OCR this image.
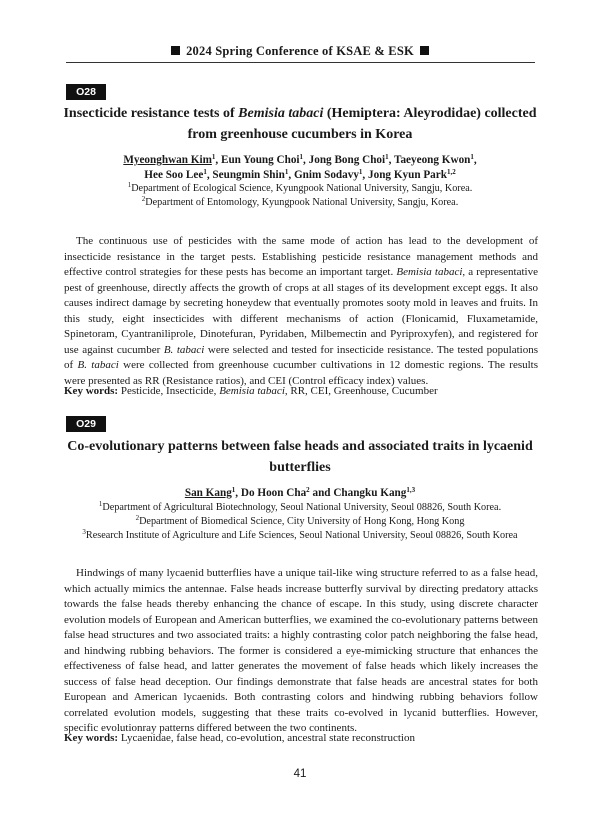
2024 Spring Conference of KSAE & ESK
O28
Insecticide resistance tests of Bemisia tabaci (Hemiptera: Aleyrodidae) collected from greenhouse cucumbers in Korea
Myeonghwan Kim$^1$, Eun Young Choi$^1$, Jong Bong Choi$^1$, Taeyeong Kwon$^1$,
Hee Soo Lee$^1$, Seungmin Shin$^1$, Gnim Sodavy$^1$, Jong Kyun Park$^{1,2}$
$^1$Department of Ecological Science, Kyungpook National University, Sangju, Korea.
$^2$Department of Entomology, Kyungpook National University, Sangju, Korea.

The continuous use of pesticides with the same mode of action has lead to the development of insecticide resistance in the target pests. Establishing pesticide resistance management methods and effective control strategies for these pests has become an important target. Bemisia tabaci, a representative pest of greenhouse, directly affects the growth of crops at all stages of its development except eggs. It also causes indirect damage by secreting honeydew that eventually promotes sooty mold in leaves and fruits. In this study, eight insecticides with different mechanisms of action (Flonicamid, Fluxametamide, Spinetoram, Cyantraniliprole, Dinotefuran, Pyridaben, Milbemectin and Pyriproxyfen), and registered for use against cucumber B. tabaci were selected and tested for insecticide resistance. The tested populations of B. tabaci were collected from greenhouse cucumber cultivations in 12 domestic regions. The results were presented as RR (Resistance ratios), and CEI (Control efficacy index) values.

Key words: Pesticide, Insecticide, Bemisia tabaci, RR, CEI, Greenhouse, Cucumber
O29
Co-evolutionary patterns between false heads and associated traits in lycaenid butterflies
San Kang$^1$, Do Hoon Cha$^2$ and Changku Kang$^{1,3}$
$^1$Department of Agricultural Biotechnology, Seoul National University, Seoul 08826, South Korea.
$^2$Department of Biomedical Science, City University of Hong Kong, Hong Kong
$^3$Research Institute of Agriculture and Life Sciences, Seoul National University, Seoul 08826, South Korea

Hindwings of many lycaenid butterflies have a unique tail-like wing structure referred to as a false head, which actually mimics the antennae. False heads increase butterfly survival by directing predatory attacks towards the false heads thereby enhancing the chance of escape. In this study, using discrete character evolution models of European and American butterflies, we examined the co-evolutionary patterns between false head structures and two associated traits: a highly contrasting color patch neighboring the false head, and hindwing rubbing behaviors. The former is considered a eye-mimicking structure that enhances the effectiveness of false head, and latter generates the movement of false heads which likely increases the success of false head deception. Our findings demonstrate that false heads are ancestral states for both European and American lycaenids. Both contrasting colors and hindwing rubbing behaviors follow correlated evolution models, suggesting that these traits co-evolved in lycanid butterflies. However, specific evolutionray patterns differed between the two continents.

Key words: Lycaenidae, false head, co-evolution, ancestral state reconstruction
41
